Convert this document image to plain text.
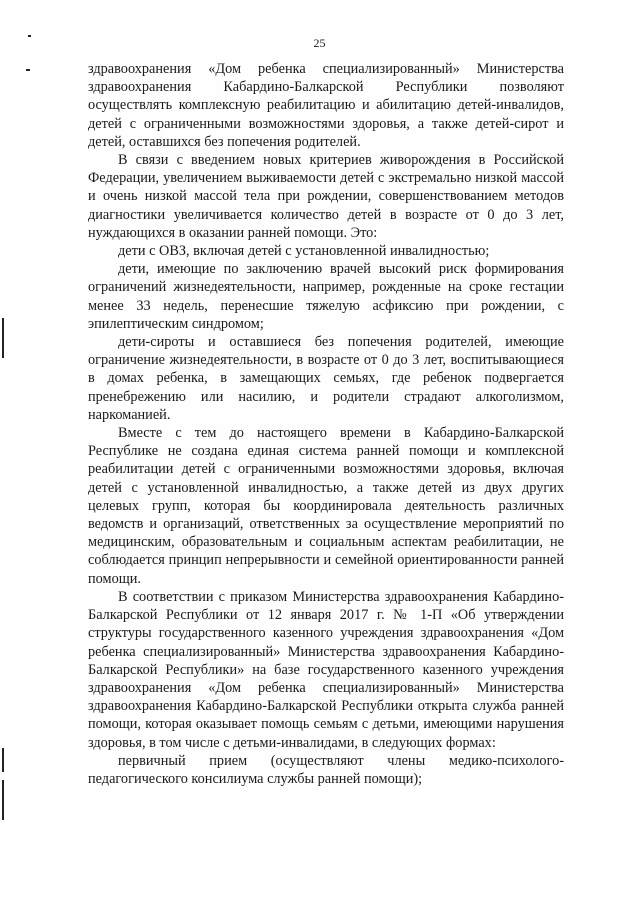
25

здравоохранения «Дом ребенка специализированный» Министерства здравоохранения Кабардино-Балкарской Республики позволяют осуществлять комплексную реабилитацию и абилитацию детей-инвалидов, детей с ограниченными возможностями здоровья, а также детей-сирот и детей, оставшихся без попечения родителей.

В связи с введением новых критериев живорождения в Российской Федерации, увеличением выживаемости детей с экстремально низкой массой и очень низкой массой тела при рождении, совершенствованием методов диагностики увеличивается количество детей в возрасте от 0 до 3 лет, нуждающихся в оказании ранней помощи. Это:

дети с ОВЗ, включая детей с установленной инвалидностью;

дети, имеющие по заключению врачей высокий риск формирования ограничений жизнедеятельности, например, рожденные на сроке гестации менее 33 недель, перенесшие тяжелую асфиксию при рождении, с эпилептическим синдромом;

дети-сироты и оставшиеся без попечения родителей, имеющие ограничение жизнедеятельности, в возрасте от 0 до 3 лет, воспитывающиеся в домах ребенка, в замещающих семьях, где ребенок подвергается пренебрежению или насилию, и родители страдают алкоголизмом, наркоманией.

Вместе с тем до настоящего времени в Кабардино-Балкарской Республике не создана единая система ранней помощи и комплексной реабилитации детей с ограниченными возможностями здоровья, включая детей с установленной инвалидностью, а также детей из двух других целевых групп, которая бы координировала деятельность различных ведомств и организаций, ответственных за осуществление мероприятий по медицинским, образовательным и социальным аспектам реабилитации, не соблюдается принцип непрерывности и семейной ориентированности ранней помощи.

В соответствии с приказом Министерства здравоохранения Кабардино-Балкарской Республики от 12 января 2017 г. № 1-П «Об утверждении структуры государственного казенного учреждения здравоохранения «Дом ребенка специализированный» Министерства здравоохранения Кабардино-Балкарской Республики» на базе государственного казенного учреждения здравоохранения «Дом ребенка специализированный» Министерства здравоохранения Кабардино-Балкарской Республики открыта служба ранней помощи, которая оказывает помощь семьям с детьми, имеющими нарушения здоровья, в том числе с детьми-инвалидами, в следующих формах:

первичный прием (осуществляют члены медико-психолого-педагогического консилиума службы ранней помощи);
